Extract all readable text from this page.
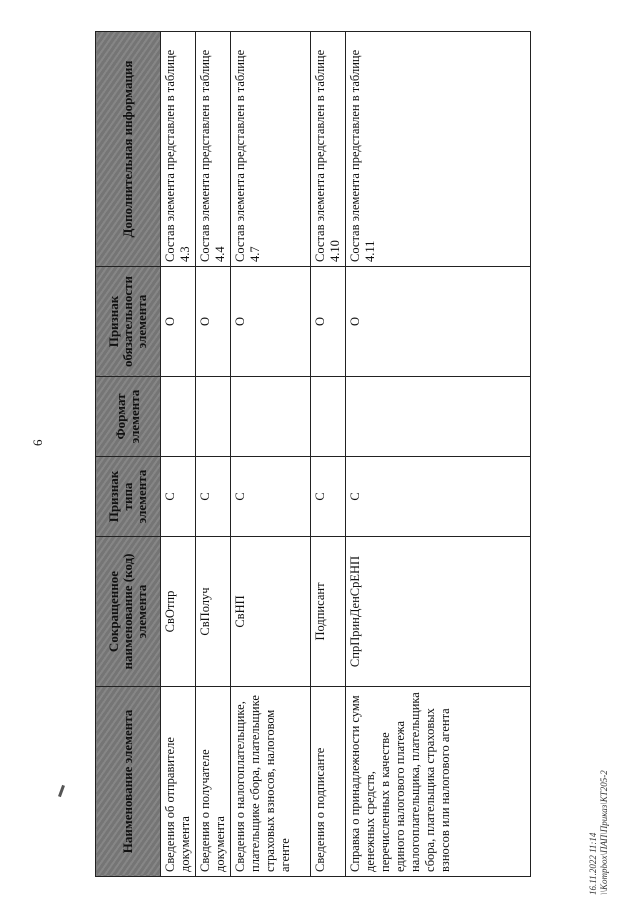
6
16.11.2022 11:14 \\Kompbox\ПАП\Приказ\КТ205-2
Наименование элемента	Сокращенное наименование (код) элемента	Признак типа элемента	Формат элемента	Признак обязательности элемента	Дополнительная информация
Сведения об отправителе документа	СвОтпр	С		О	Состав элемента представлен в таблице 4.3
Сведения о получателе документа	СвПолуч	С		О	Состав элемента представлен в таблице 4.4
Сведения о налогоплательщике, плательщике сбора, плательщике страховых взносов, налоговом агенте	СвНП	С		О	Состав элемента представлен в таблице 4.7
Сведения о подписанте	Подписант	С		О	Состав элемента представлен в таблице 4.10
Справка о принадлежности сумм денежных средств, перечисленных в качестве единого налогового платежа налогоплательщика, плательщика сбора, плательщика страховых взносов или налогового агента	СпрПринДенСрЕНП	С		О	Состав элемента представлен в таблице 4.11
